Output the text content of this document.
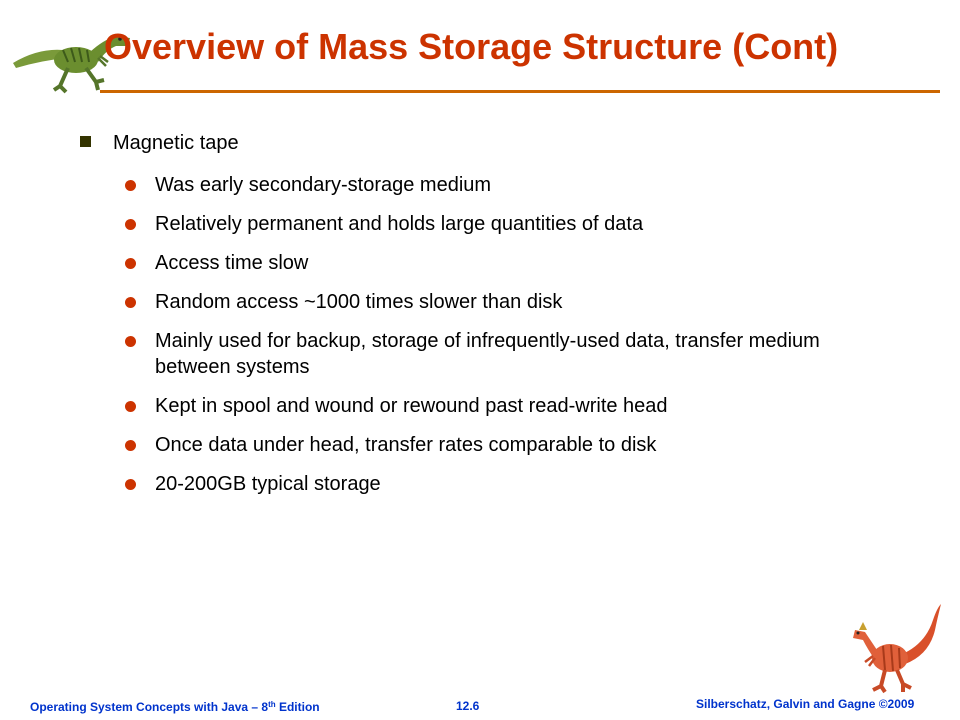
Overview of Mass Storage Structure (Cont)
Magnetic tape
Was early secondary-storage medium
Relatively permanent and holds large quantities of data
Access time slow
Random access ~1000 times slower than disk
Mainly used for backup, storage of infrequently-used data, transfer medium between systems
Kept in spool and wound or rewound past read-write head
Once data under head, transfer rates comparable to disk
20-200GB typical storage
Operating System Concepts with Java – 8th Edition	12.6	Silberschatz, Galvin and Gagne ©2009
